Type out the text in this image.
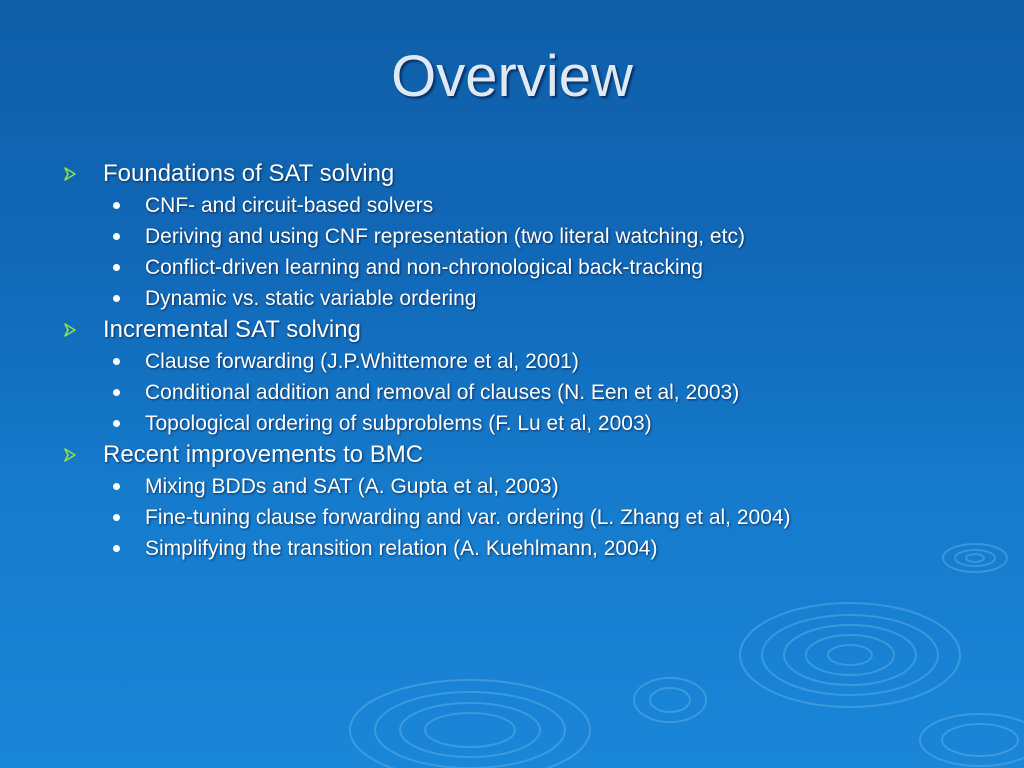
Overview
Foundations of SAT solving
CNF- and circuit-based solvers
Deriving and using CNF representation (two literal watching, etc)
Conflict-driven learning and non-chronological back-tracking
Dynamic vs. static variable ordering
Incremental SAT solving
Clause forwarding (J.P.Whittemore et al, 2001)
Conditional addition and removal of clauses (N. Een et al, 2003)
Topological ordering of subproblems (F. Lu et al, 2003)
Recent improvements to BMC
Mixing BDDs and SAT (A. Gupta et al, 2003)
Fine-tuning clause forwarding and var. ordering (L. Zhang et al, 2004)
Simplifying the transition relation (A. Kuehlmann, 2004)
